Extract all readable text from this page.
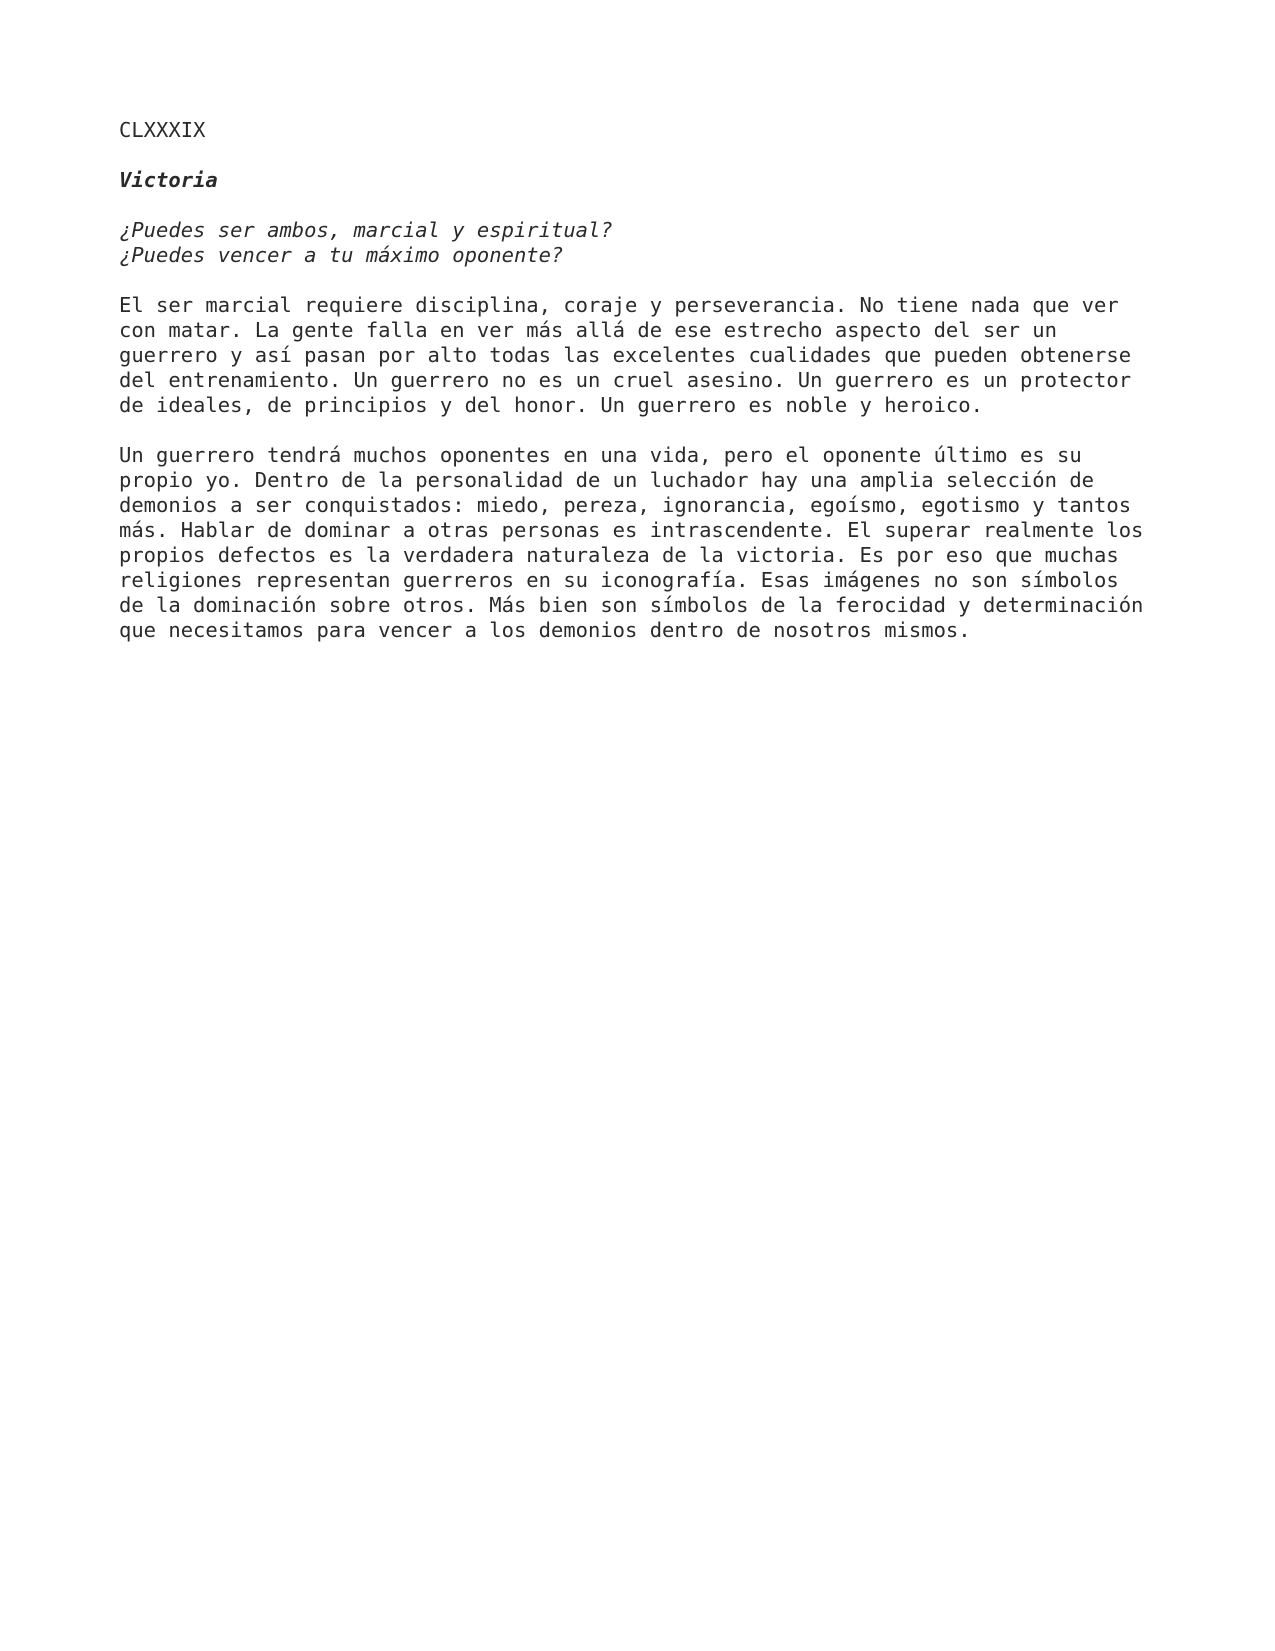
CLXXXIX
Victoria
¿Puedes ser ambos, marcial y espiritual?
¿Puedes vencer a tu máximo oponente?
El ser marcial requiere disciplina, coraje y perseverancia. No tiene nada que ver
con matar. La gente falla en ver más allá de ese estrecho aspecto del ser un
guerrero y así pasan por alto todas las excelentes cualidades que pueden obtenerse
del entrenamiento. Un guerrero no es un cruel asesino. Un guerrero es un protector
de ideales, de principios y del honor. Un guerrero es noble y heroico.
Un guerrero tendrá muchos oponentes en una vida, pero el oponente último es su
propio yo. Dentro de la personalidad de un luchador hay una amplia selección de
demonios a ser conquistados: miedo, pereza, ignorancia, egoísmo, egotismo y tantos
más. Hablar de dominar a otras personas es intrascendente. El superar realmente los
propios defectos es la verdadera naturaleza de la victoria. Es por eso que muchas
religiones representan guerreros en su iconografía. Esas imágenes no son símbolos
de la dominación sobre otros. Más bien son símbolos de la ferocidad y determinación
que necesitamos para vencer a los demonios dentro de nosotros mismos.
